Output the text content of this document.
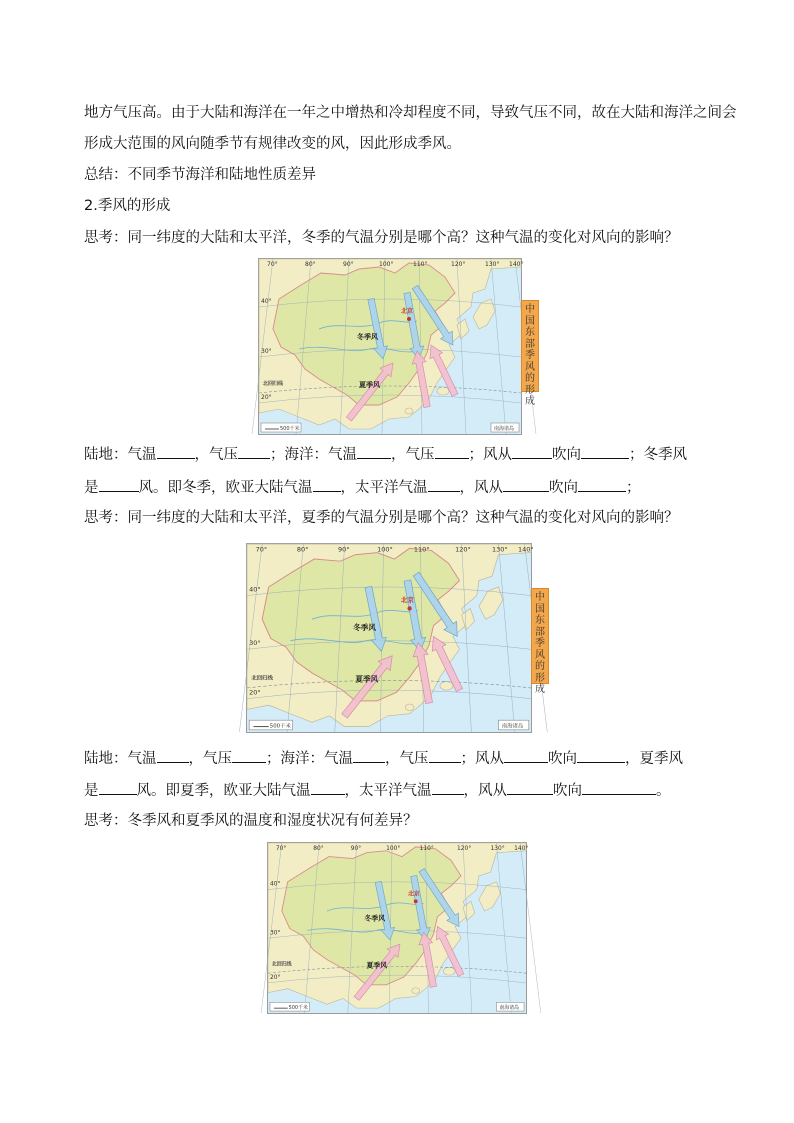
地方气压高。由于大陆和海洋在一年之中增热和冷却程度不同，导致气压不同，故在大陆和海洋之间会
形成大范围的风向随季节有规律改变的风，因此形成季风。
总结：不同季节海洋和陆地性质差异
2.季风的形成
思考：同一纬度的大陆和太平洋，冬季的气温分别是哪个高？这种气温的变化对风向的影响？
70°	80°	90°	100°	110°	120°	130° 140°
40°
30°
20°
冬季风
夏季风
北京
北回归线
500千米	南海诸岛
中
国
东
部
季
风
的
形
成
陆地：气温	，气压 ；海洋：气温 ，气压 ；风从	吹向	；冬季风
是	风。即冬季，欧亚大陆气温 ，太平洋气温 ，风从	吹向	；
思考：同一纬度的大陆和太平洋，夏季的气温分别是哪个高？这种气温的变化对风向的影响？
70°	80°	90°	100°	110°	120°	130° 140°
40°
30°
20°
冬季风
夏季风
北京
北回归线
500千米	南海诸岛
中
国
东
部
季
风
的
形
成
陆地：气温 ，气压 ；海洋：气温 ，气压 ；风从	吹向	，夏季风
是	风。即夏季，欧亚大陆气温 ，太平洋气温 ，风从	吹向	。
思考：冬季风和夏季风的温度和湿度状况有何差异？
70°	80°	90°	100°	110°	120°	130° 140°
40°
30°
20°
冬季风
夏季风
北京
北回归线
500千米	南海诸岛
